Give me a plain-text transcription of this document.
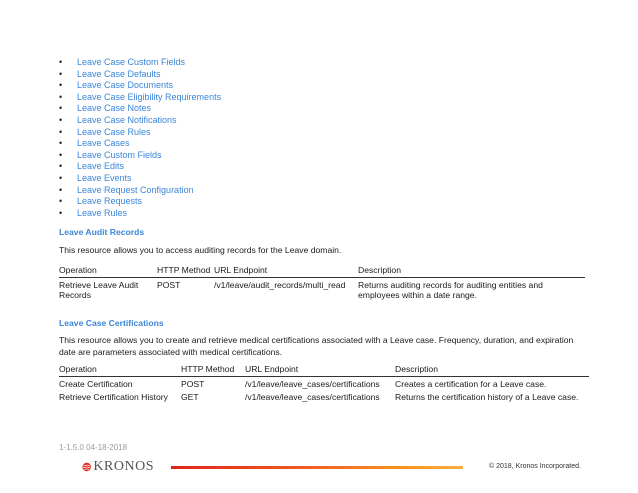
• Leave Case Custom Fields
• Leave Case Defaults
• Leave Case Documents
• Leave Case Eligibility Requirements
• Leave Case Notes
• Leave Case Notifications
• Leave Case Rules
• Leave Cases
• Leave Custom Fields
• Leave Edits
• Leave Events
• Leave Request Configuration
• Leave Requests
• Leave Rules
Leave Audit Records
This resource allows you to access auditing records for the Leave domain.
Operation	HTTP Method	URL Endpoint	Description
Retrieve Leave Audit Records	POST	/v1/leave/audit_records/multi_read	Returns auditing records for auditing entities and employees within a date range.
Leave Case Certifications
This resource allows you to create and retrieve medical certifications associated with a Leave case. Frequency, duration, and expiration date are parameters associated with medical certifications.
Operation	HTTP Method	URL Endpoint	Description
Create Certification	POST	/v1/leave/leave_cases/certifications	Creates a certification for a Leave case.
Retrieve Certification History	GET	/v1/leave/leave_cases/certifications	Returns the certification history of a Leave case.
1-1.5.0 04-18-2018
KRONOS	© 2018, Kronos Incorporated.
